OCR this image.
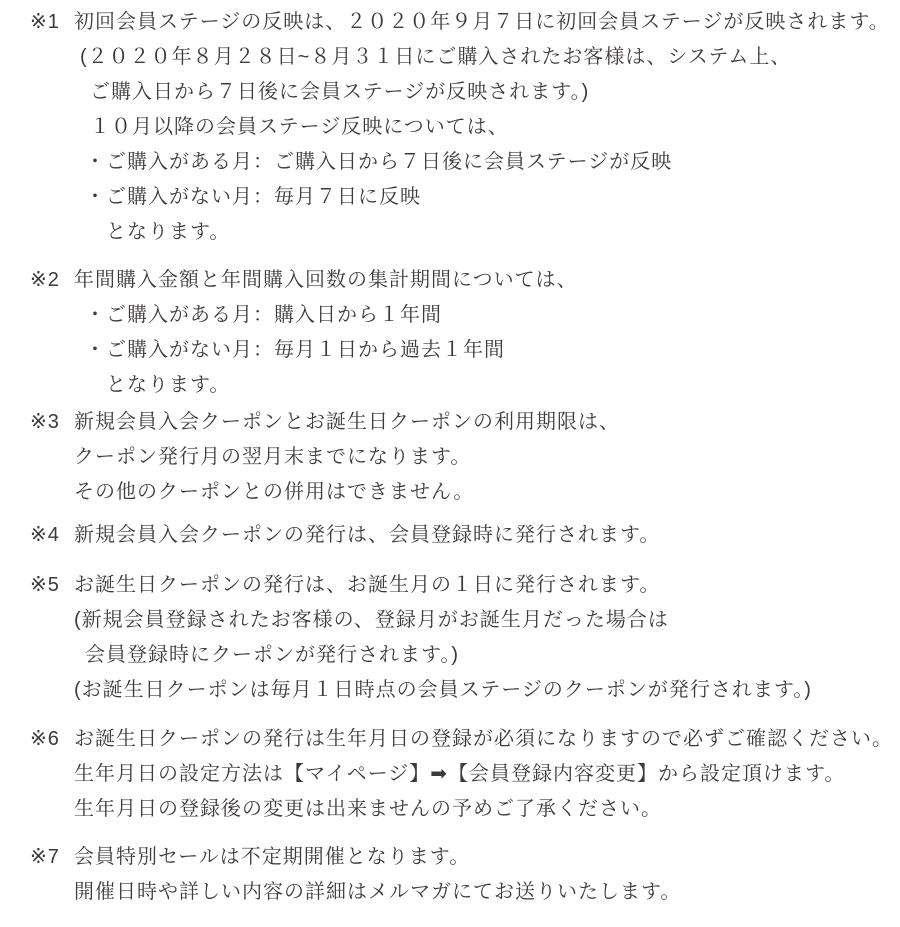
※1 初回会員ステージの反映は、２０２０年９月７日に初回会員ステージが反映されます。
(２０２０年８月２８日~８月３１日にご購入されたお客様は、システム上、
ご購入日から７日後に会員ステージが反映されます。)
１０月以降の会員ステージ反映については、
・ご購入がある月：ご購入日から７日後に会員ステージが反映
・ご購入がない月：毎月７日に反映
となります。
※2 年間購入金額と年間購入回数の集計期間については、
・ご購入がある月：購入日から１年間
・ご購入がない月：毎月１日から過去１年間
となります。
※3 新規会員入会クーポンとお誕生日クーポンの利用期限は、
クーポン発行月の翌月末までになります。
その他のクーポンとの併用はできません。
※4 新規会員入会クーポンの発行は、会員登録時に発行されます。
※5 お誕生日クーポンの発行は、お誕生月の１日に発行されます。
(新規会員登録されたお客様の、登録月がお誕生月だった場合は
会員登録時にクーポンが発行されます。)
(お誕生日クーポンは毎月１日時点の会員ステージのクーポンが発行されます。)
※6 お誕生日クーポンの発行は生年月日の登録が必須になりますので必ずご確認ください。
生年月日の設定方法は【マイページ】➡【会員登録内容変更】から設定頂けます。
生年月日の登録後の変更は出来ませんの予めご了承ください。
※7 会員特別セールは不定期開催となります。
開催日時や詳しい内容の詳細はメルマガにてお送りいたします。
